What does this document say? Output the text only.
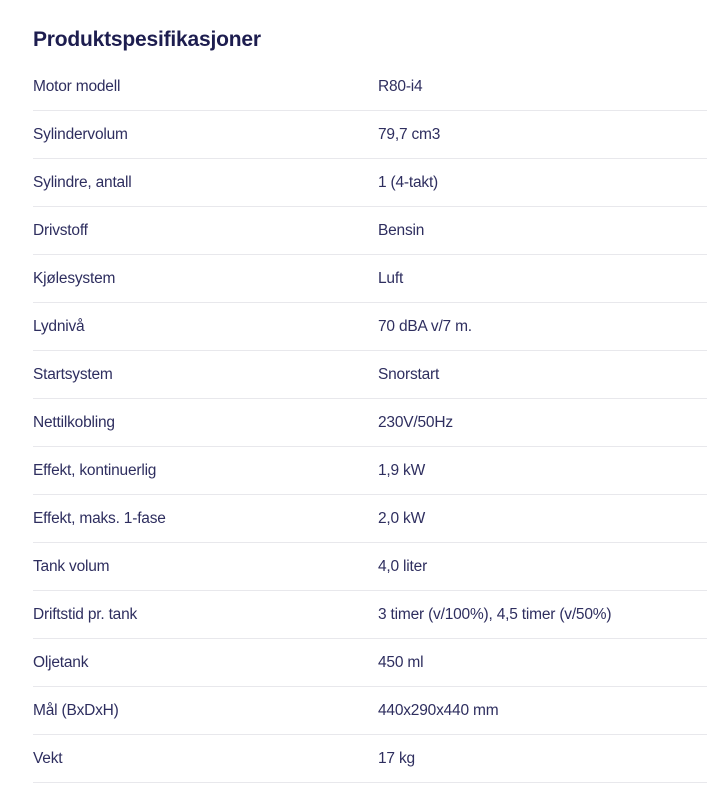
Produktspesifikasjoner
Motor modell	R80-i4
Sylindervolum	79,7 cm3
Sylindre, antall	1 (4-takt)
Drivstoff	Bensin
Kjølesystem	Luft
Lydnivå	70 dBA v/7 m.
Startsystem	Snorstart
Nettilkobling	230V/50Hz
Effekt, kontinuerlig	1,9 kW
Effekt, maks. 1-fase	2,0 kW
Tank volum	4,0 liter
Driftstid pr. tank	3 timer (v/100%), 4,5 timer (v/50%)
Oljetank	450 ml
Mål (BxDxH)	440x290x440 mm
Vekt	17 kg
